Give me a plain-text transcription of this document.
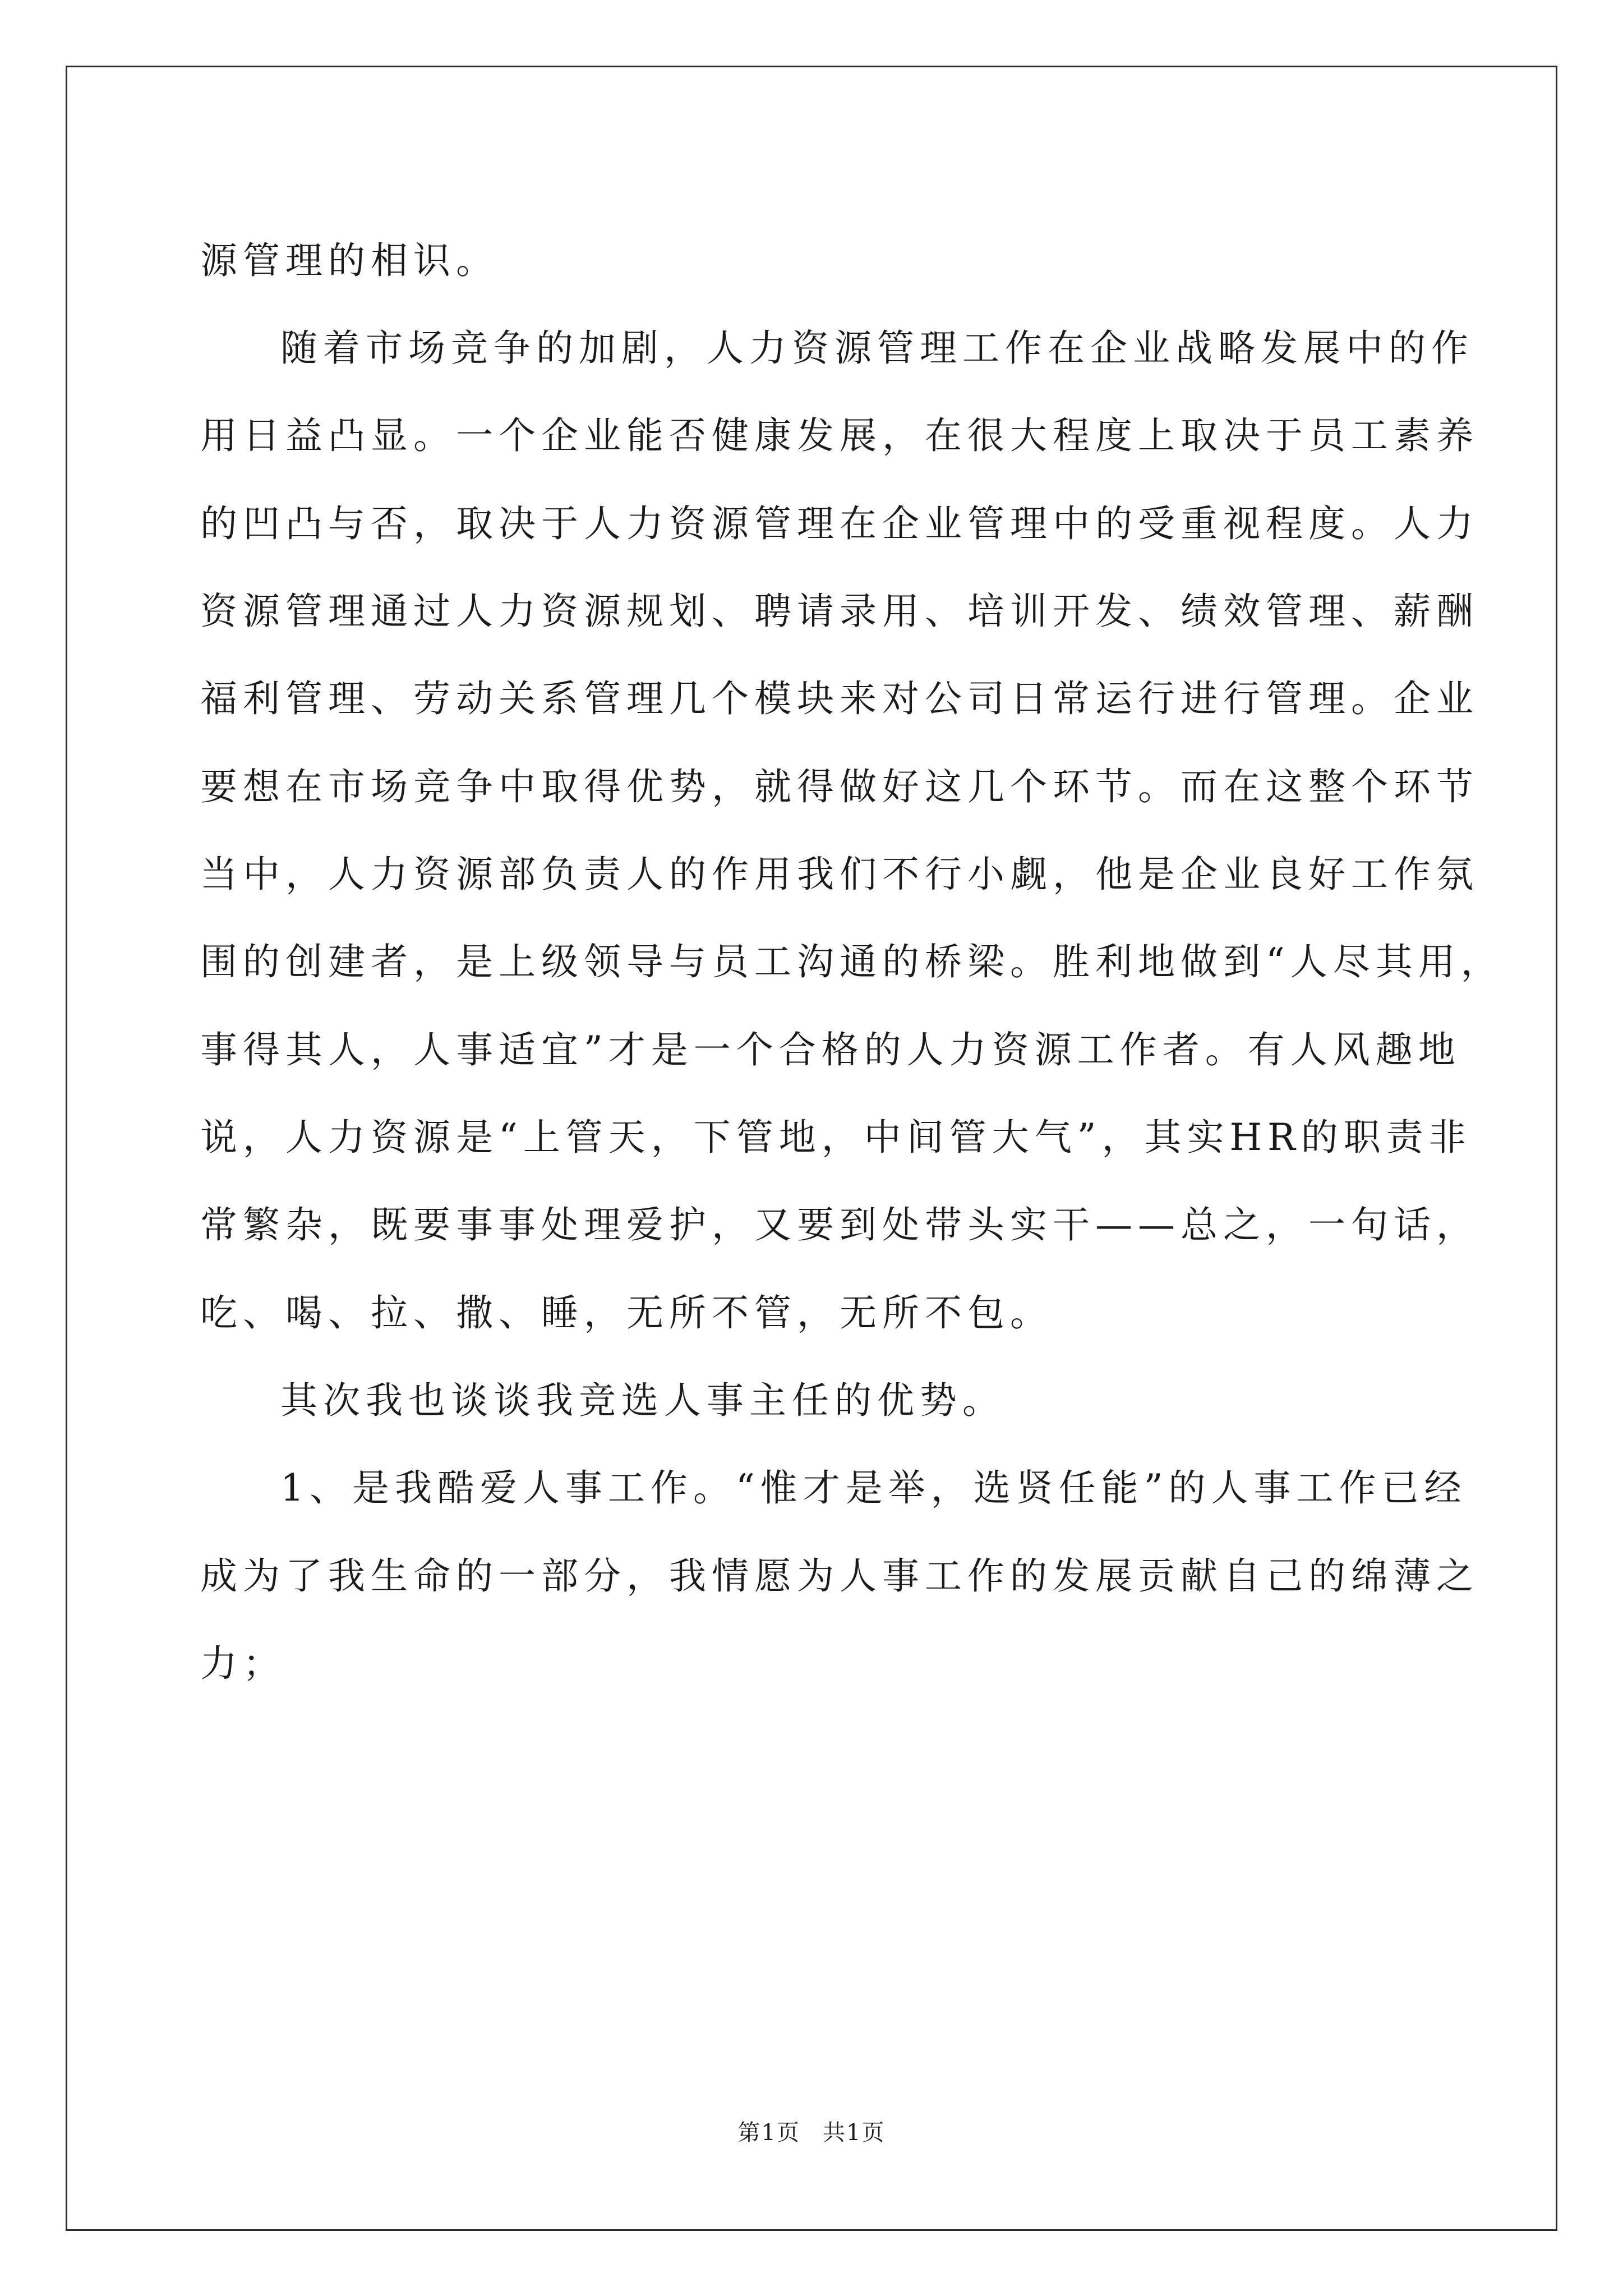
源管理的相识。
随着市场竞争的加剧，人力资源管理工作在企业战略发展中的作
用日益凸显。一个企业能否健康发展，在很大程度上取决于员工素养
的凹凸与否，取决于人力资源管理在企业管理中的受重视程度。人力
资源管理通过人力资源规划、聘请录用、培训开发、绩效管理、薪酬
福利管理、劳动关系管理几个模块来对公司日常运行进行管理。企业
要想在市场竞争中取得优势，就得做好这几个环节。而在这整个环节
当中，人力资源部负责人的作用我们不行小觑，他是企业良好工作氛
围的创建者，是上级领导与员工沟通的桥梁。胜利地做到“人尽其用，
事得其人，人事适宜”才是一个合格的人力资源工作者。有人风趣地
说，人力资源是“上管天，下管地，中间管大气”，其实HR的职责非
常繁杂，既要事事处理爱护，又要到处带头实干——总之，一句话，
吃、喝、拉、撒、睡，无所不管，无所不包。
其次我也谈谈我竞选人事主任的优势。
1、是我酷爱人事工作。“惟才是举，选贤任能”的人事工作已经
成为了我生命的一部分，我情愿为人事工作的发展贡献自己的绵薄之
力；
第1页 共1页
